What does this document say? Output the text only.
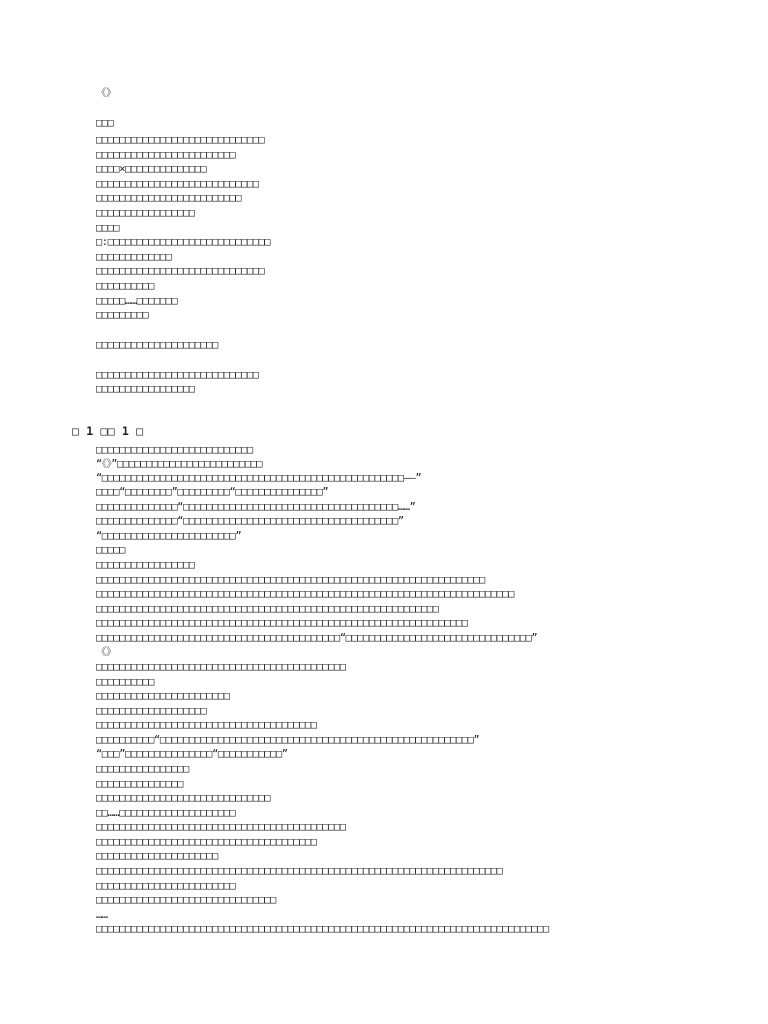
《》
□□□
□□□□□□□□□□□□□□□□□□□□□□□□□□□□□
□□□□□□□□□□□□□□□□□□□□□□□□
□□□□×□□□□□□□□□□□□□□
□□□□□□□□□□□□□□□□□□□□□□□□□□□□
□□□□□□□□□□□□□□□□□□□□□□□□□
□□□□□□□□□□□□□□□□□
□□□□
□:□□□□□□□□□□□□□□□□□□□□□□□□□□□□
□□□□□□□□□□□□□
□□□□□□□□□□□□□□□□□□□□□□□□□□□□□
□□□□□□□□□□
□□□□□……□□□□□□□
□□□□□□□□□
□□□□□□□□□□□□□□□□□□□□□
□□□□□□□□□□□□□□□□□□□□□□□□□□□□
□□□□□□□□□□□□□□□□□
□ 1 □□ 1 □
□□□□□□□□□□□□□□□□□□□□□□□□□□□
“《》”□□□□□□□□□□□□□□□□□□□□□□□□□
“□□□□□□□□□□□□□□□□□□□□□□□□□□□□□□□□□□□□□□□□□□□□□□□□□□□□——”
□□□□“□□□□□□□□”□□□□□□□□□“□□□□□□□□□□□□□□□”
□□□□□□□□□□□□□□“□□□□□□□□□□□□□□□□□□□□□□□□□□□□□□□□□□□□□……”
□□□□□□□□□□□□□□“□□□□□□□□□□□□□□□□□□□□□□□□□□□□□□□□□□□□□”
“□□□□□□□□□□□□□□□□□□□□□□□”
□□□□□
□□□□□□□□□□□□□□□□□
□□□□□□□□□□□□□□□□□□□□□□□□□□□□□□□□□□□□□□□□□□□□□□□□□□□□□□□□□□□□□□□□□□□
□□□□□□□□□□□□□□□□□□□□□□□□□□□□□□□□□□□□□□□□□□□□□□□□□□□□□□□□□□□□□□□□□□□□□□□□
□□□□□□□□□□□□□□□□□□□□□□□□□□□□□□□□□□□□□□□□□□□□□□□□□□□□□□□□□□□
□□□□□□□□□□□□□□□□□□□□□□□□□□□□□□□□□□□□□□□□□□□□□□□□□□□□□□□□□□□□□□□□
□□□□□□□□□□□□□□□□□□□□□□□□□□□□□□□□□□□□□□□□□□“□□□□□□□□□□□□□□□□□□□□□□□□□□□□□□□□”
《》
□□□□□□□□□□□□□□□□□□□□□□□□□□□□□□□□□□□□□□□□□□□
□□□□□□□□□□
□□□□□□□□□□□□□□□□□□□□□□□
□□□□□□□□□□□□□□□□□□□
□□□□□□□□□□□□□□□□□□□□□□□□□□□□□□□□□□□□□□
□□□□□□□□□□“□□□□□□□□□□□□□□□□□□□□□□□□□□□□□□□□□□□□□□□□□□□□□□□□□□□□□□”
“□□□”□□□□□□□□□□□□□□□“□□□□□□□□□□□”
□□□□□□□□□□□□□□□□
□□□□□□□□□□□□□□□
□□□□□□□□□□□□□□□□□□□□□□□□□□□□□□
□□……□□□□□□□□□□□□□□□□□□□□
□□□□□□□□□□□□□□□□□□□□□□□□□□□□□□□□□□□□□□□□□□□
□□□□□□□□□□□□□□□□□□□□□□□□□□□□□□□□□□□□□□
□□□□□□□□□□□□□□□□□□□□□
□□□□□□□□□□□□□□□□□□□□□□□□□□□□□□□□□□□□□□□□□□□□□□□□□□□□□□□□□□□□□□□□□□□□□□
□□□□□□□□□□□□□□□□□□□□□□□□
□□□□□□□□□□□□□□□□□□□□□□□□□□□□□□□
……
□□□□□□□□□□□□□□□□□□□□□□□□□□□□□□□□□□□□□□□□□□□□□□□□□□□□□□□□□□□□□□□□□□□□□□□□□□□□□□
